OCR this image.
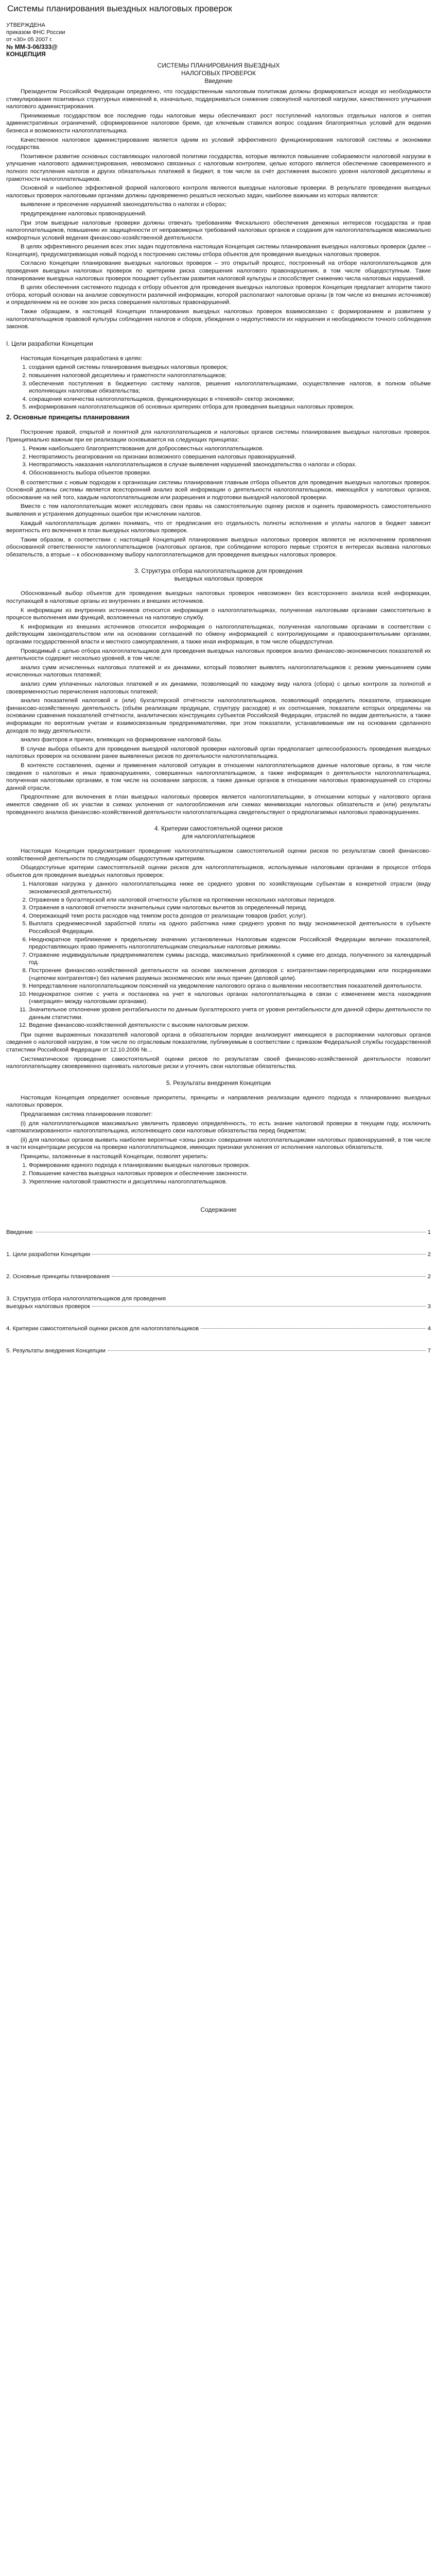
Системы планирования выездных налоговых проверок

УТВЕРЖДЕНА

приказом ФНС России

от «30» 05 2007 г.

№ ММ-3-06/333@

КОНЦЕПЦИЯ

СИСТЕМЫ ПЛАНИРОВАНИЯ ВЫЕЗДНЫХ

НАЛОГОВЫХ ПРОВЕРОК

Введение

Президентом Российской Федерации определено, что государственным налоговым политикам должны формироваться исходя из необходимости стимулирования позитивных структурных изменений в, изначально, поддерживаться снижение совокупной налоговой нагрузки, качественного улучшения налогового администрирования.

Принимаемые государством все последние годы налоговые меры обеспечивают рост поступлений налоговых отдельных налогов и снятия административных ограничений, сформированное налоговое бремя, где ключевым ставился вопрос создания благоприятных условий для ведения бизнеса и возможности налогоплательщика.

Качественное налоговое администрирование является одним из условий эффективного функционирования налоговой системы и экономики государства.

Позитивное развитие основных составляющих налоговой политики государства, которые являются повышение собираемости налоговой нагрузки в улучшение налогового администрирования, невозможно связанных с налоговым контролем, целью которого является обеспечение своевременного и полного поступления налогов и других обязательных платежей в бюджет, в том числе за счёт достижения высокого уровня налоговой дисциплины и грамотности налогоплательщиков.

Основной и наиболее эффективной формой налогового контроля являются выездные налоговые проверки. В результате проведения выездных налоговых проверок налоговыми органами должны одновременно решаться несколько задач, наиболее важными из которых являются:

выявление и пресечение нарушений законодательства о налогах и сборах;

предупреждение налоговых правонарушений.

При этом выездные налоговые проверки должны отвечать требованиям Фискального обеспечения денежных интересов государства и прав налогоплательщиков, повышению их защищённости от неправомерных требований налоговых органов и создания для налогоплательщиков максимально комфортных условий ведения финансово-хозяйственной деятельности.

В целях эффективного решения всех этих задач подготовлена настоящая Концепция системы планирования выездных налоговых проверок (далее – Концепция), предусматривающая новый подход к построению системы отбора объектов для проведения выездных налоговых проверок.

Согласно Концепции планирование выездных налоговых проверок – это открытый процесс, построенный на отборе налогоплательщиков для проведения выездных налоговых проверок по критериям риска совершения налогового правонарушения, в том числе общедоступным. Такие планирование выездных налоговых проверок поощряет субъектам развития налоговой культуры и способствует снижению числа налоговых нарушений.

В целях обеспечения системного подхода к отбору объектов для проведения выездных налоговых проверок Концепция предлагает алгоритм такого отбора, который основан на анализе совокупности различной информации, которой располагают налоговые органы (в том числе из внешних источников) и определением на ее основе зон риска совершения налоговых правонарушений.

Также обращаем, в настоящей Концепции планирования выездных налоговых проверок взаимосвязано с формированием и развитием у налогоплательщиков правовой культуры соблюдения налогов и сборов, убеждения о недопустимости их нарушения и необходимости точного соблюдения законов.

I. Цели разработки Концепции

Настоящая Концепция разработана в целях:

1. создания единой системы планирования выездных налоговых проверок;
2. повышения налоговой дисциплины и грамотности налогоплательщиков;
3. обеспечения поступления в бюджетную систему налогов, решения налогоплательщиками, осуществление налогов, в полном объёме исполняющих налоговые обязательства;
4. сокращения количества налогоплательщиков, функционирующих в «теневой» сектор экономики;
5. информирования налогоплательщиков об основных критериях отбора для проведения выездных налоговых проверок.

2. Основные принципы планирования

Построение правой, открытой и понятной для налогоплательщиков и налоговых органов системы планирования выездных налоговых проверок. Принципиально важным при ее реализации основывается на следующих принципах:

1. Режим наибольшего благоприятствования для добросовестных налогоплательщиков.
2. Неотвратимость реагирования на признаки возможного совершения налоговых правонарушений.
3. Неотвратимость наказания налогоплательщиков в случае выявления нарушений законодательства о налогах и сборах.
4. Обоснованность выбора объектов проверки.

В соответствии с новым подходом к организации системы планирования главным отбора объектов для проведения выездных налоговых проверок. Основной должны системы является всесторонний анализ всей информации о деятельности налогоплательщиков, имеющейся у налоговых органов, обоснование на ней того, каждым налогоплательщиком или разрешения и подготовки выездной налоговой проверки.

Вместе с тем налогоплательщик может исследовать свои правы на самостоятельную оценку рисков и оценить правомерность самостоятельного выявления и устранения допущенных ошибок при исчислении налогов.

Каждый налогоплательщик должен понимать, что от предписания его отдельность полноты исполнения и уплаты налогов в бюджет зависит вероятность его включения в план выездных налоговых проверок.

Таким образом, в соответствии с настоящей Концепцией планирования выездных налоговых проверок является не исключением проявления обоснованной ответственности налогоплательщиков (налоговых органов, при соблюдении которого первые строятся в интересах вызвана налоговых обязательств, а вторые – к обоснованному выбору налогоплательщиков для проведения выездных налоговых проверок.

3. Структура отбора налогоплательщиков для проведения

выездных налоговых проверок

Обоснованный выбор объектов для проведения выездных налоговых проверок невозможен без всестороннего анализа всей информации, поступающей в налоговые органы из внутренних и внешних источников.

К информации из внутренних источников относится информация о налогоплательщиках, полученная налоговыми органами самостоятельно в процессе выполнения ими функций, возложенных на налоговую службу.

К информации из внешних источников относится информация о налогоплательщиках, полученная налоговыми органами в соответствии с действующим законодательством или на основании соглашений по обмену информацией с контролирующими и правоохранительными органами, органами государственной власти и местного самоуправления, а также иная информация, в том числе общедоступная.

Проводимый с целью отбора налогоплательщиков для проведения выездных налоговых проверок анализ финансово-экономических показателей их деятельности содержит несколько уровней, в том числе:

анализ сумм исчисленных налоговых платежей и их динамики, который позволяет выявлять налогоплательщиков с резким уменьшением сумм исчисленных налоговых платежей;

анализ сумм уплаченных налоговых платежей и их динамики, позволяющий по каждому виду налога (сбора) с целью контроля за полнотой и своевременностью перечисления налоговых платежей;

анализ показателей налоговой и (или) бухгалтерской отчётности налогоплательщиков, позволяющий определить показатели, отражающие финансово-хозяйственную деятельность (объём реализации продукции, структуру расходов) и их соотношения, показатели которых определены на основании сравнения показателей отчётности, аналитических конструкциях субъектов Российской Федерации, отраслей по видам деятельности, а также информации по вероятным учетам и взаимосвязанным предпринимателями, при этом показатели, устанавливаемые им на основании сделанного доходов по виду деятельности.

анализ факторов и причин, влияющих на формирование налоговой базы.

В случае выбора объекта для проведения выездной налоговой проверки налоговый орган предполагает целесообразность проведения выездных налоговых проверок на основании ранее выявленных рисков по деятельности налогоплательщика.

В контексте составления, оценки и применения налоговой ситуации в отношении налогоплательщиков данные налоговые органы, в том числе сведения о налоговых и иных правонарушениях, совершенных налогоплательщиком, а также информация о деятельности налогоплательщика, полученная налоговыми органами, в том числе на основании запросов, а также данные органов в отношении налоговых правонарушений со стороны данной отрасли.

Предпочтение для включения в план выездных налоговых проверок является налогоплательщики, в отношении которых у налогового органа имеются сведения об их участии в схемах уклонения от налогообложения или схемах минимизации налоговых обязательств и (или) результаты проведенного анализа финансово-хозяйственной деятельности налогоплательщика свидетельствуют о предполагаемых налоговых правонарушениях.

4. Критерии самостоятельной оценки рисков

для налогоплательщиков

Настоящая Концепция предусматривает проведение налогоплательщиком самостоятельной оценки рисков по результатам своей финансово-хозяйственной деятельности по следующим общедоступным критериям.

Общедоступные критерии самостоятельной оценки рисков для налогоплательщиков, используемые налоговыми органами в процессе отбора объектов для проведения выездных налоговых проверок:

1. Налоговая нагрузка у данного налогоплательщика ниже ее среднего уровня по хозяйствующим субъектам в конкретной отрасли (виду экономической деятельности).
2. Отражение в бухгалтерской или налоговой отчетности убытков на протяжении нескольких налоговых периодов.
3. Отражение в налоговой отчетности значительных сумм налоговых вычетов за определенный период.
4. Опережающий темп роста расходов над темпом роста доходов от реализации товаров (работ, услуг).
5. Выплата среднемесячной заработной платы на одного работника ниже среднего уровня по виду экономической деятельности в субъекте Российской Федерации.
6. Неоднократное приближение к предельному значению установленных Налоговым кодексом Российской Федерации величин показателей, предоставляющих право применять налогоплательщикам специальные налоговые режимы.
7. Отражение индивидуальным предпринимателем суммы расхода, максимально приближенной к сумме его дохода, полученного за календарный год.
8. Построение финансово-хозяйственной деятельности на основе заключения договоров с контрагентами-перепродавцами или посредниками («цепочки контрагентов») без наличия разумных экономических или иных причин (деловой цели).
9. Непредставление налогоплательщиком пояснений на уведомление налогового органа о выявлении несоответствия показателей деятельности.
10. Неоднократное снятие с учета и постановка на учет в налоговых органах налогоплательщика в связи с изменением места нахождения («миграция» между налоговыми органами).
11. Значительное отклонение уровня рентабельности по данным бухгалтерского учета от уровня рентабельности для данной сферы деятельности по данным статистики.
12. Ведение финансово-хозяйственной деятельности с высоким налоговым риском.

При оценке выраженных показателей налоговой органа в обязательном порядке анализируют имеющиеся в распоряжении налоговых органов сведения о налоговой нагрузке, в том числе по отраслевым показателям, публикуемым в соответствии с приказом Федеральной службы государственной статистики Российской Федерации от 12.10.2006 №...

Систематическое проведение самостоятельной оценки рисков по результатам своей финансово-хозяйственной деятельности позволит налогоплательщику своевременно оценивать налоговые риски и уточнять свои налоговые обязательства.

5. Результаты внедрения Концепции

Настоящая Концепция определяет основные приоритеты, принципы и направления реализации единого подхода к планированию выездных налоговых проверок.

Предлагаемая система планирования позволит:

(i) для налогоплательщиков максимально увеличить правовую определённость, то есть знание налоговой проверки в текущем году, исключить «автоматизированного» налогоплательщика, исполняющего свои налоговые обязательства перед бюджетом;

(ii) для налоговых органов выявить наиболее вероятные «зоны риска» совершения налогоплательщиками налоговых правонарушений, в том числе в части концентрации ресурсов на проверке налогоплательщиков, имеющих признаки уклонения от исполнения налоговых обязательств.

Принципы, заложенные в настоящей Концепции, позволят укрепить:

1. Формирование единого подхода к планированию выездных налоговых проверок.
2. Повышение качества выездных налоговых проверок и обеспечение законности.
3. Укрепление налоговой грамотности и дисциплины налогоплательщиков.

Содержание

Введение	1
1. Цели разработки Концепции	2
2. Основные принципы планирования	2
3. Структура отбора налогоплательщиков для проведения
выездных налоговых проверок	3
4. Критерии самостоятельной оценки рисков для налогоплательщиков	4
5. Результаты внедрения Концепции	7
